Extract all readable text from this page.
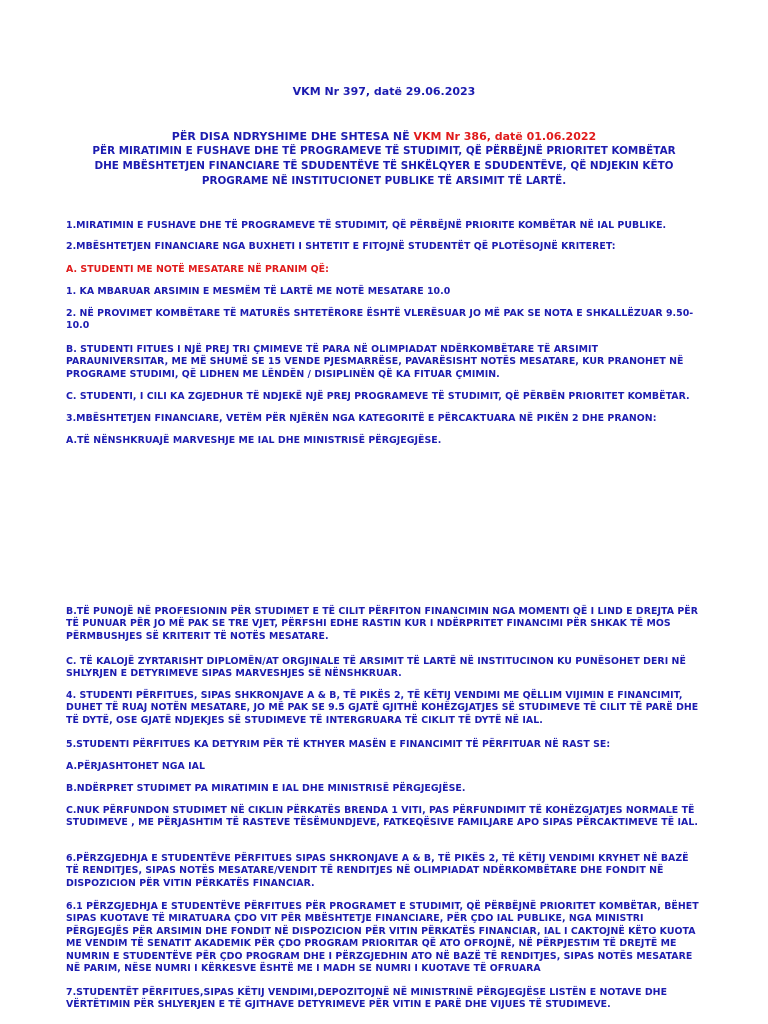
VKM Nr 397, datë 29.06.2023
PËR DISA NDRYSHIME DHE SHTESA NË VKM Nr 386, datë 01.06.2022
PËR MIRATIMIN E FUSHAVE DHE TË PROGRAMEVE TË STUDIMIT, QË PËRBËJNË PRIORITET KOMBËTAR DHE MBËSHTETJEN FINANCIARE TË SDUDENTËVE TË SHKËLQYER E SDUDENTËVE, QË NDJEKIN KËTO PROGRAME NË INSTITUCIONET PUBLIKE TË ARSIMIT TË LARTË.
1.MIRATIMIN E FUSHAVE DHE TË PROGRAMEVE TË STUDIMIT, QË PËRBËJNË PRIORITE KOMBËTAR NË IAL PUBLIKE.
2.MBËSHTETJEN FINANCIARE NGA BUXHETI I SHTETIT E FITOJNË STUDENTËT QË PLOTËSOJNË KRITERET:
A. STUDENTI ME NOTË MESATARE NË PRANIM QË:
1. KA MBARUAR ARSIMIN E MESMËM TË LARTË ME NOTË MESATARE 10.0
2. NË PROVIMET KOMBËTARE TË MATURËS SHTETËRORE ËSHTË VLERËSUAR JO MË PAK SE NOTA E SHKALLËZUAR 9.50-10.0
B. STUDENTI FITUES I NJË PREJ TRI ÇMIMEVE TË PARA NË OLIMPIADAT NDËRKOMBËTARE TË ARSIMIT PARAUNIVERSITAR, ME MË SHUMË SE 15 VENDE PJESMARRËSE, PAVARËSISHT NOTËS MESATARE, KUR PRANOHET NË PROGRAME STUDIMI, QË LIDHEN ME LËNDËN / DISIPLINËN QË KA FITUAR ÇMIMIN.
C. STUDENTI, I CILI KA ZGJEDHUR TË NDJEKË NJË PREJ PROGRAMEVE TË STUDIMIT, QË PËRBËN PRIORITET KOMBËTAR.
3.MBËSHTETJEN FINANCIARE, VETËM PËR NJËRËN NGA KATEGORITË E PËRCAKTUARA NË PIKËN 2 DHE PRANON:
A.TË NËNSHKRUAJË MARVESHJE ME IAL DHE MINISTRISË PËRGJEGJËSE.
B.TË PUNOJË NË PROFESIONIN PËR STUDIMET E TË CILIT PËRFITON FINANCIMIN NGA MOMENTI QË I LIND E DREJTA PËR TË PUNUAR PËR JO MË PAK SE TRE VJET, PËRFSHI EDHE RASTIN KUR I NDËRPRITET FINANCIMI PËR SHKAK TË MOS PËRMBUSHJES SË KRITERIT TË NOTËS MESATARE.
C. TË KALOJË ZYRTARISHT DIPLOMËN/AT ORGJINALE TË ARSIMIT TË LARTË NË INSTITUCINON KU PUNËSOHET DERI NË SHLYRJEN E DETYRIMEVE SIPAS MARVESHJES SË NËNSHKRUAR.
4. STUDENTI PËRFITUES, SIPAS SHKRONJAVE A & B, TË PIKËS 2, TË KËTIJ VENDIMI ME QËLLIM VIJIMIN E FINANCIMIT, DUHET TË RUAJ NOTËN MESATARE, JO MË PAK SE 9.5 GJATË GJITHË KOHËZGJATJES SË STUDIMEVE TË CILIT TË PARË DHE TË DYTË, OSE GJATË NDJEKJES SË STUDIMEVE TË INTERGRUARA TË CIKLIT TË DYTË NË IAL.
5.STUDENTI PËRFITUES KA DETYRIM PËR TË KTHYER MASËN E FINANCIMIT TË PËRFITUAR NË RAST SE:
A.PËRJASHTOHET NGA IAL
B.NDËRPRET STUDIMET PA MIRATIMIN E IAL DHE MINISTRISË PËRGJEGJËSE.
C.NUK PËRFUNDON STUDIMET NË CIKLIN PËRKATËS BRENDA 1 VITI, PAS PËRFUNDIMIT TË KOHËZGJATJES NORMALE TË STUDIMEVE , ME PËRJASHTIM TË RASTEVE TËSËMUNDJEVE, FATKEQËSIVE FAMILJARE APO SIPAS PËRCAKTIMEVE TË IAL.
6.PËRZGJEDHJA E STUDENTËVE PËRFITUES SIPAS SHKRONJAVE A & B, TË PIKËS 2, TË KËTIJ VENDIMI KRYHET NË BAZË TË RENDITJES, SIPAS NOTËS MESATARE/VENDIT TË RENDITJES NË OLIMPIADAT NDËRKOMBËTARE DHE FONDIT NË DISPOZICION PËR VITIN PËRKATËS FINANCIAR.
6.1 PËRZGJEDHJA E STUDENTËVE PËRFITUES PËR PROGRAMET E STUDIMIT, QË PËRBËJNË PRIORITET KOMBËTAR, BËHET SIPAS KUOTAVE TË MIRATUARA ÇDO VIT PËR MBËSHTETJE FINANCIARE, PËR ÇDO IAL PUBLIKE, NGA MINISTRI PËRGJEGJËS PËR ARSIMIN DHE FONDIT NË DISPOZICION PËR VITIN PËRKATËS FINANCIAR, IAL I CAKTOJNË KËTO KUOTA ME VENDIM TË SENATIT AKADEMIK PËR ÇDO PROGRAM PRIORITAR QË ATO OFROJNË, NË PËRPJESTIM TË DREJTË ME NUMRIN E STUDENTËVE PËR ÇDO PROGRAM DHE I PËRZGJEDHIN ATO NË BAZË TË RENDITJES, SIPAS NOTËS MESATARE NË PARIM, NËSE NUMRI I KËRKESVE ËSHTË ME I MADH SE NUMRI I KUOTAVE TË OFRUARA
7.STUDENTËT PËRFITUES,SIPAS KËTIJ VENDIMI,DEPOZITOJNË NË MINISTRINË PËRGJEGJËSE LISTËN E NOTAVE DHE VËRTËTIMIN PËR SHLYERJEN E TË GJITHAVE DETYRIMEVE PËR VITIN E PARË DHE VIJUES TË STUDIMEVE.
